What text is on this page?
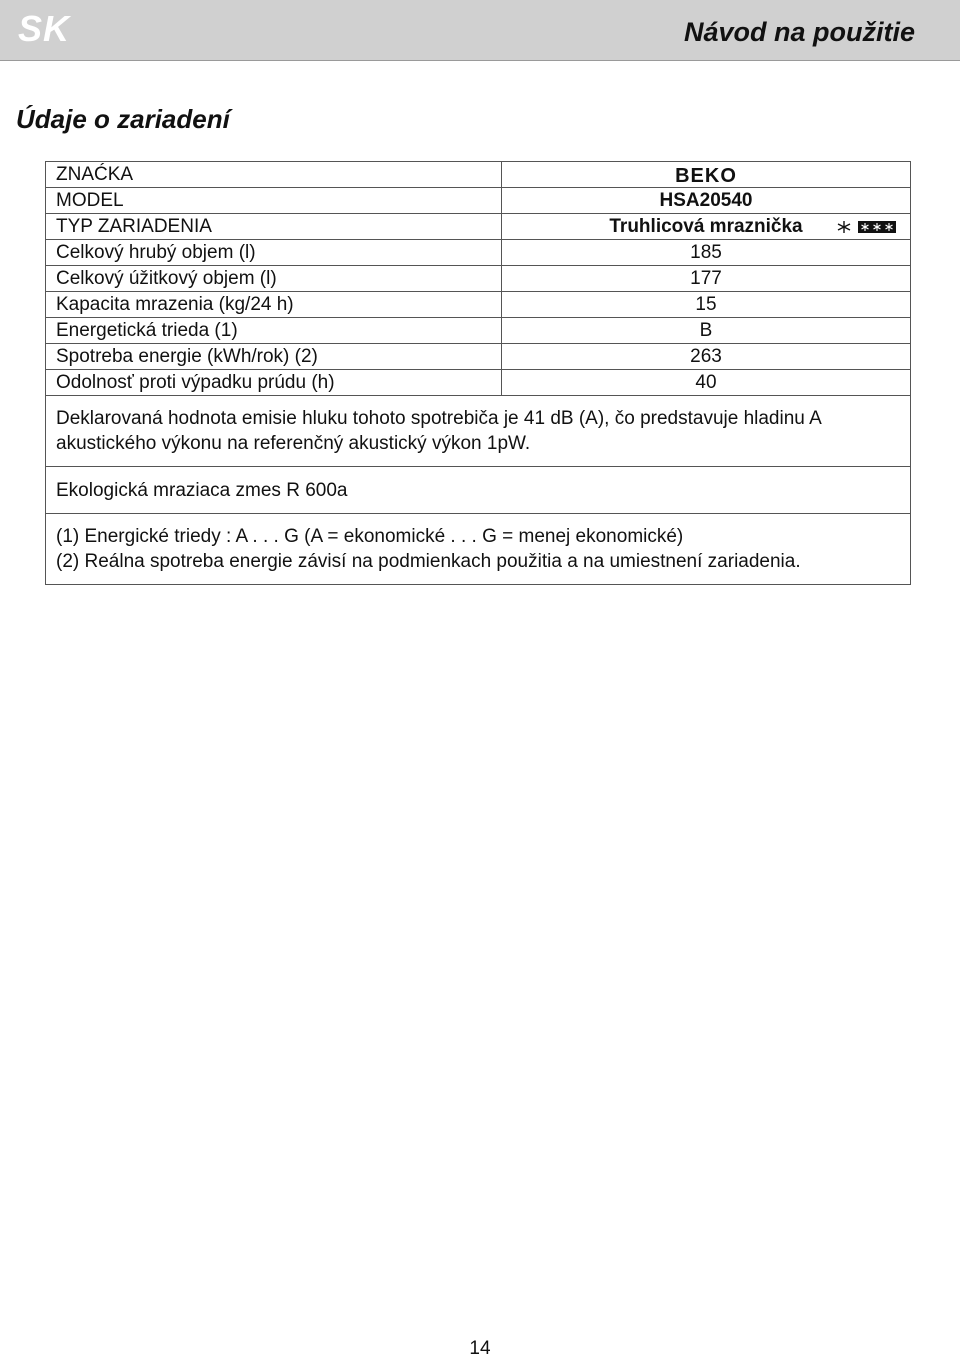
SK	Návod na použitie
Údaje o zariadení
ZNAĆKA	BEKO

MODEL	HSA20540
TYP ZARIADENIA	Truhlicová mraznička

Celkový hrubý objem (l)	185
Celkový úžitkový objem (l)	177
Kapacita mrazenia (kg/24 h)	15
Energetická trieda (1)	B
Spotreba energie (kWh/rok) (2)	263
Odolnosť proti výpadku prúdu (h)	40
Deklarovaná hodnota emisie hluku tohoto spotrebiča je 41 dB (A), čo predstavuje hladinu A akustického výkonu na referenčný akustický výkon 1pW.	
Ekologická mraziaca zmes R 600a	

(1) Energické triedy : A . . . G (A = ekonomické . . . G = menej ekonomické)
(2) Reálna spotreba energie závisí na podmienkach použitia a na umiestnení zariadenia.	
14
